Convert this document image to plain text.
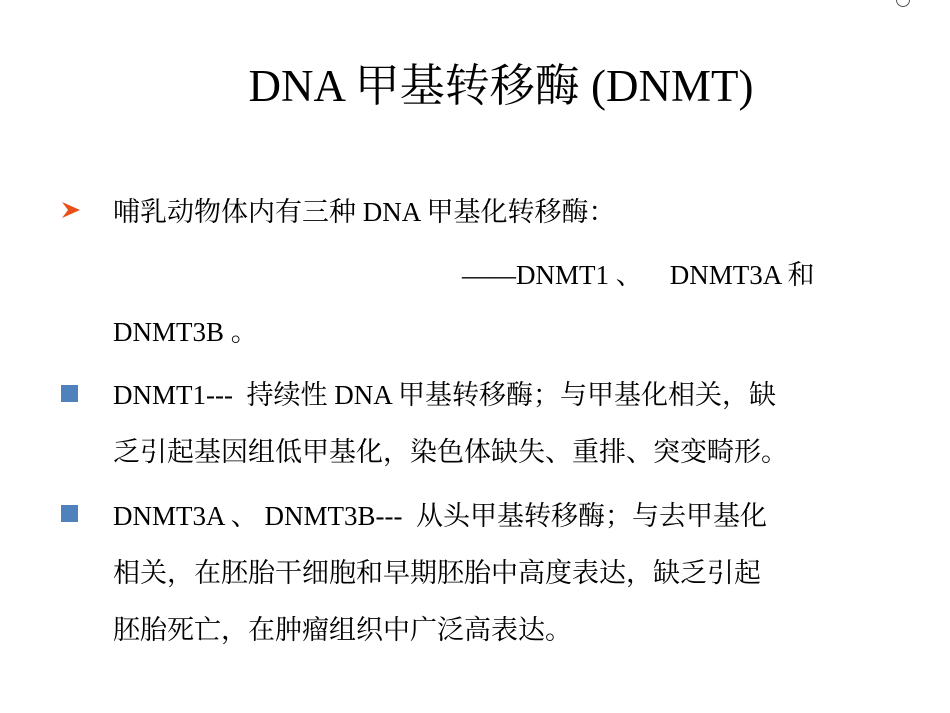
DNA 甲基转移酶 (DNMT)
哺乳动物体内有三种 DNA 甲基化转移酶：
——DNMT1 、    DNMT3A 和
DNMT3B 。
DNMT1---  持续性 DNA 甲基转移酶；与甲基化相关，缺
乏引起基因组低甲基化，染色体缺失、重排、突变畸形。
DNMT3A 、 DNMT3B---  从头甲基转移酶；与去甲基化
相关，在胚胎干细胞和早期胚胎中高度表达，缺乏引起
胚胎死亡，在肿瘤组织中广泛高表达。
